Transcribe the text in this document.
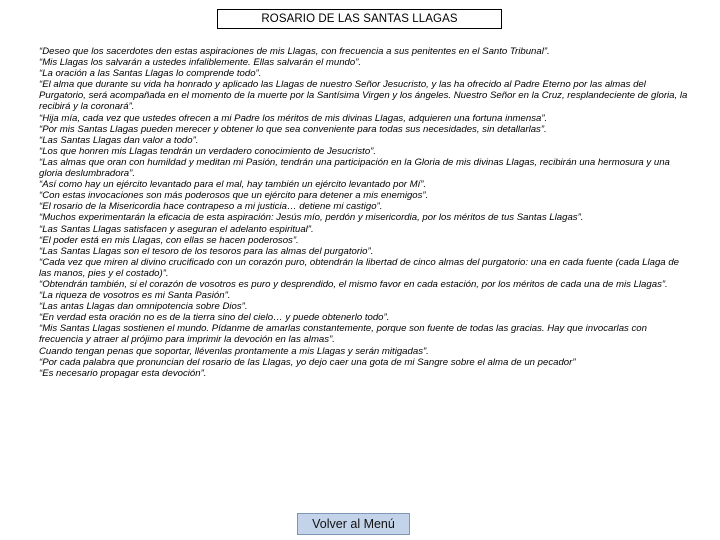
ROSARIO DE LAS SANTAS LLAGAS

“Deseo que los sacerdotes den estas aspiraciones de mis Llagas, con frecuencia a sus penitentes en el Santo Tribunal”.

“Mis Llagas los salvarán a ustedes infaliblemente. Ellas salvarán el mundo”.

“La oración a las Santas Llagas lo comprende todo”.

“El alma que durante su vida ha honrado y aplicado las Llagas de nuestro Señor Jesucristo, y las ha ofrecido al Padre Eterno por las almas del Purgatorio, será acompañada en el momento de la muerte por la Santísima Virgen y los ángeles. Nuestro Señor en la Cruz, resplandeciente de gloria, la recibirá y la coronará”.

“Hija mía, cada vez que ustedes ofrecen a mi Padre los méritos de mis divinas Llagas, adquieren una fortuna inmensa”.

“Por mis Santas Llagas pueden merecer y obtener lo que sea conveniente para todas sus necesidades, sin detallarlas”.

“Las Santas Llagas dan valor a todo”.

“Los que honren mis Llagas tendrán un verdadero conocimiento de Jesucristo”.

“Las almas que oran con humildad y meditan mi Pasión, tendrán una participación en la Gloria de mis divinas Llagas, recibirán una hermosura y una gloria deslumbradora”.

“Así como hay un ejército levantado para el mal, hay también un ejército levantado por Mí”.

“Con estas invocaciones son más poderosos que un ejército para detener a mis enemigos”.

“El rosario de la Misericordia hace contrapeso a mi justicia… detiene mi castigo”.

“Muchos experimentarán la eficacia de esta aspiración: Jesús mío, perdón y misericordia, por los méritos de tus Santas Llagas”.

“Las Santas Llagas satisfacen y aseguran el adelanto espiritual”.

“El poder está en mis Llagas, con ellas se hacen poderosos”.

“Las Santas Llagas son el tesoro de los tesoros para las almas del purgatorio”.

“Cada vez que miren al divino crucificado con un corazón puro, obtendrán la libertad de cinco almas del purgatorio: una en cada fuente (cada Llaga de las manos, pies y el costado)”.

“Obtendrán también, si el corazón de vosotros es puro y desprendido, el mismo favor en cada estación, por los méritos de cada una de mis Llagas”.

“La riqueza de vosotros es mi Santa Pasión”.

“Las antas Llagas dan omnipotencia sobre Dios”.

“En verdad esta oración no es de la tierra sino del cielo… y puede obtenerlo todo”.

“Mis Santas Llagas sostienen el mundo. Pídanme de amarlas constantemente, porque son fuente de todas las gracias. Hay que invocarlas con frecuencia y atraer al prójimo para imprimir la devoción en las almas”.

Cuando tengan penas que soportar, llévenlas prontamente a mis Llagas y serán mitigadas”.

“Por cada palabra que pronuncian del rosario de las Llagas, yo dejo caer una gota de mi Sangre sobre el alma de un pecador”

“Es necesario propagar esta devoción”.

Volver al Menú
